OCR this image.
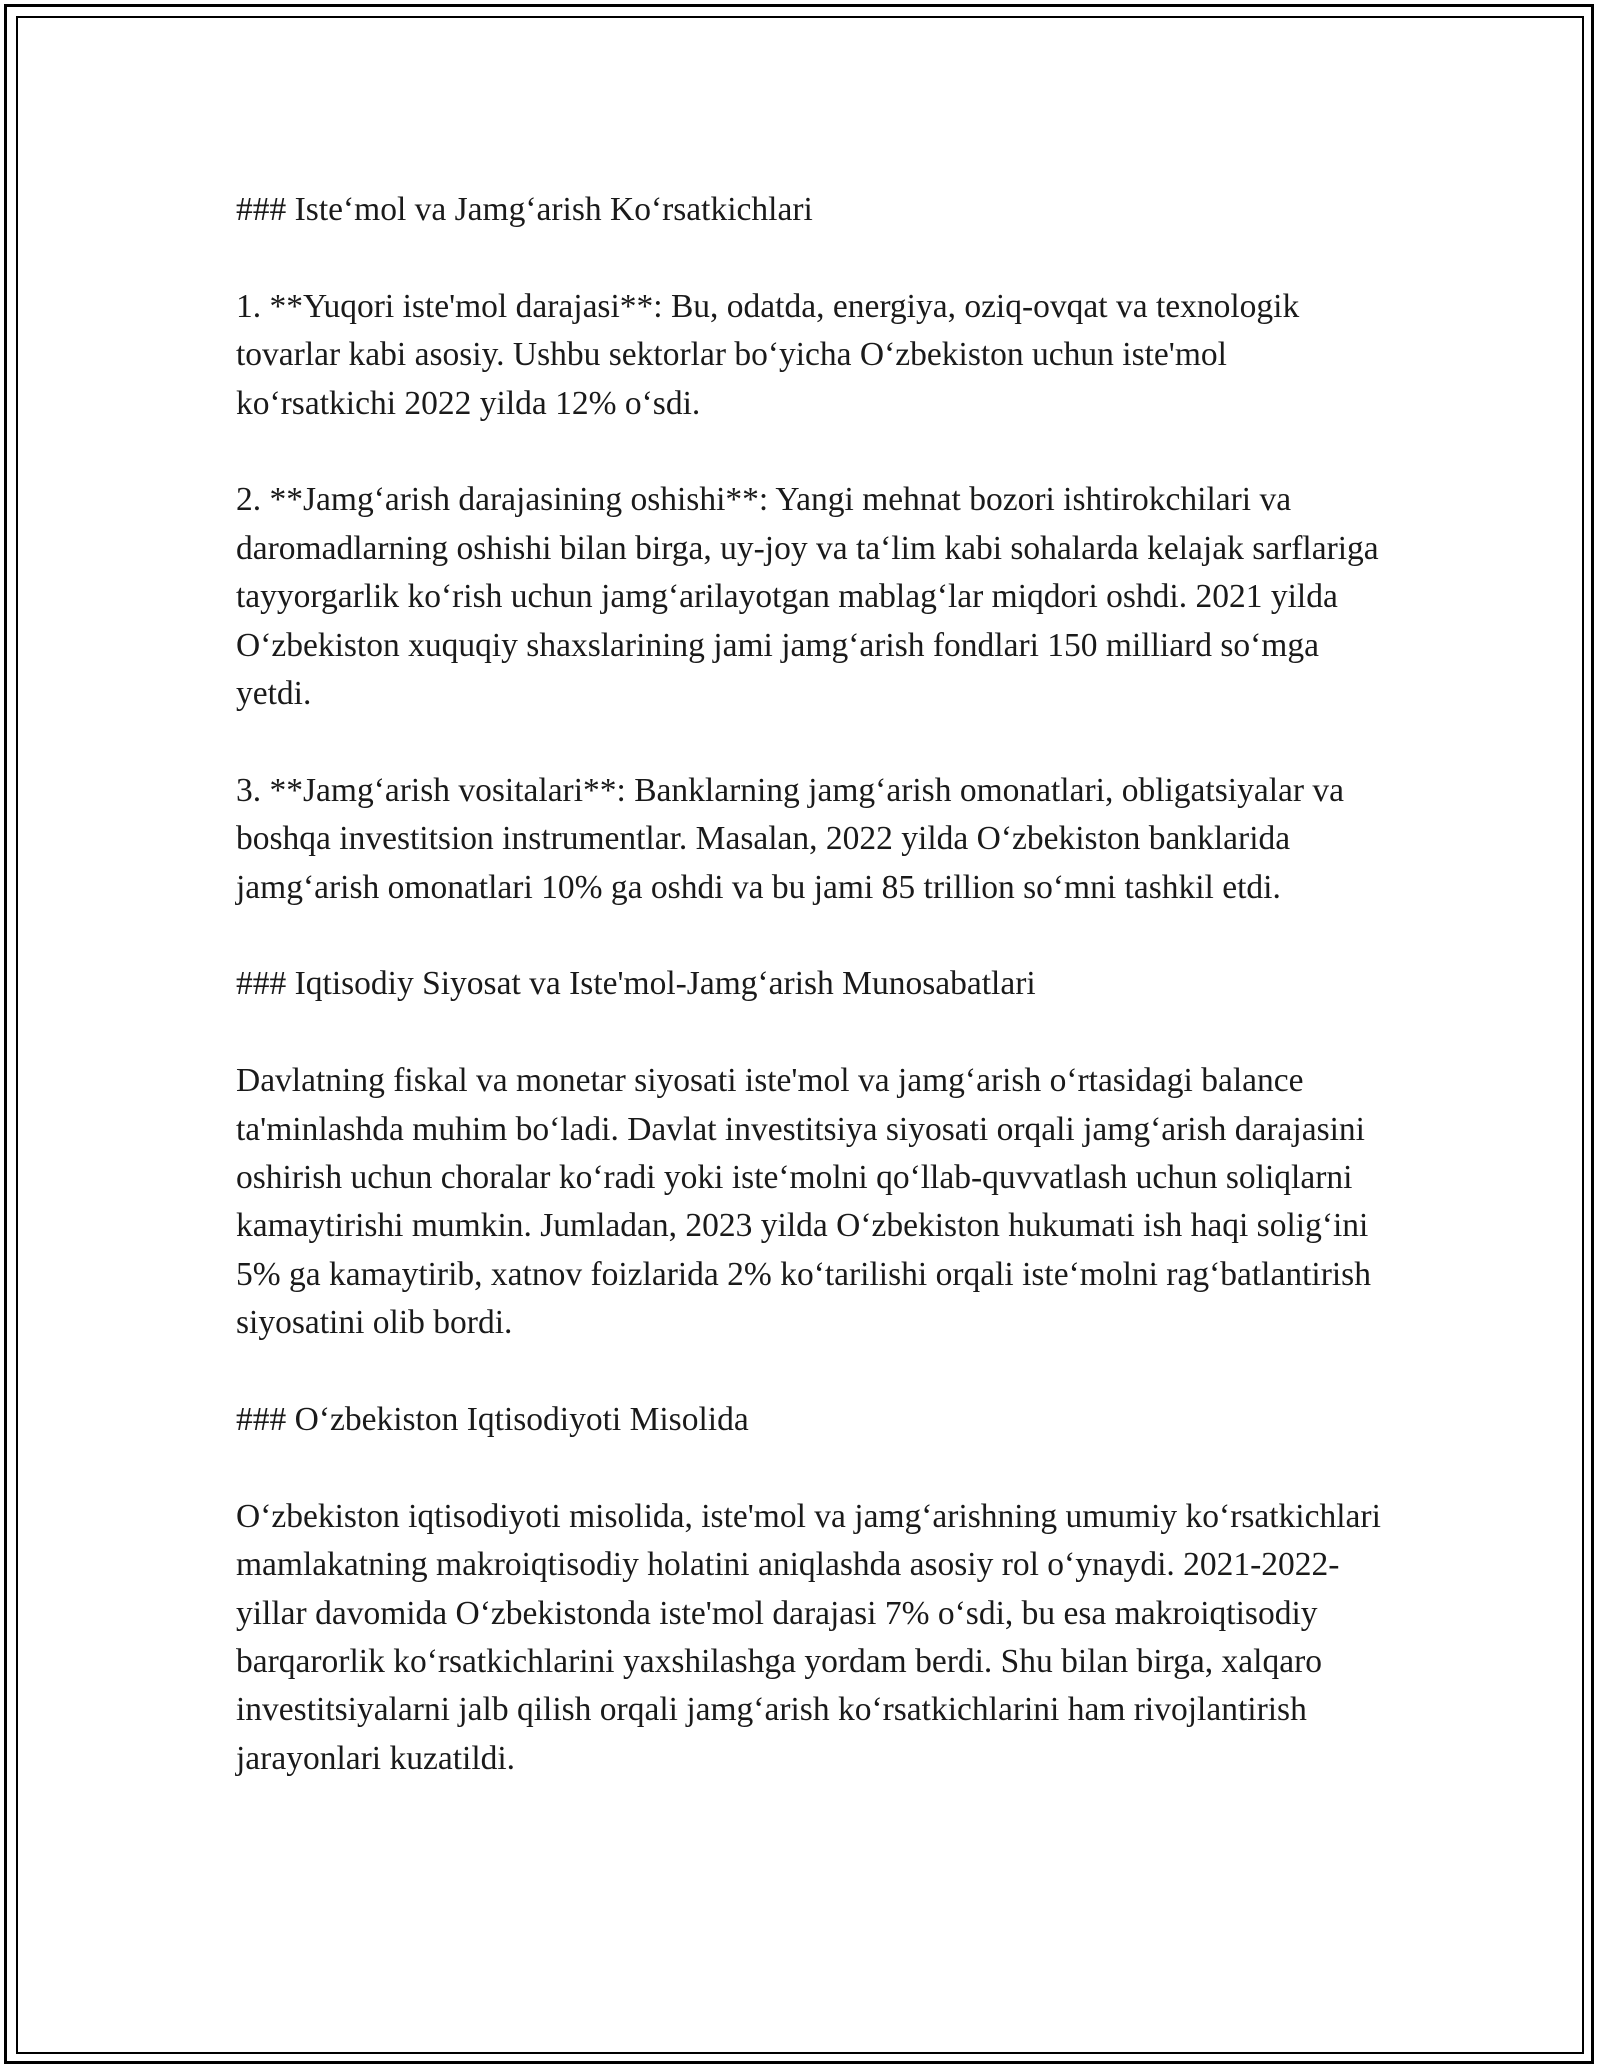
### Iste‘mol va Jamg‘arish Ko‘rsatkichlari
1. **Yuqori iste'mol darajasi**: Bu, odatda, energiya, oziq-ovqat va texnologik tovarlar kabi asosiy. Ushbu sektorlar bo‘yicha O‘zbekiston uchun iste'mol ko‘rsatkichi 2022 yilda 12% o‘sdi.
2. **Jamg‘arish darajasining oshishi**: Yangi mehnat bozori ishtirokchilari va daromadlarning oshishi bilan birga, uy-joy va ta‘lim kabi sohalarda kelajak sarflariga tayyorgarlik ko‘rish uchun jamg‘arilayotgan mablag‘lar miqdori oshdi. 2021 yilda O‘zbekiston xuquqiy shaxslarining jami jamg‘arish fondlari 150 milliard so‘mga yetdi.
3. **Jamg‘arish vositalari**: Banklarning jamg‘arish omonatlari, obligatsiyalar va boshqa investitsion instrumentlar. Masalan, 2022 yilda O‘zbekiston banklarida jamg‘arish omonatlari 10% ga oshdi va bu jami 85 trillion so‘mni tashkil etdi.
### Iqtisodiy Siyosat va Iste'mol-Jamg‘arish Munosabatlari
Davlatning fiskal va monetar siyosati iste'mol va jamg‘arish o‘rtasidagi balance ta'minlashda muhim bo‘ladi. Davlat investitsiya siyosati orqali jamg‘arish darajasini oshirish uchun choralar ko‘radi yoki iste‘molni qo‘llab-quvvatlash uchun soliqlarni kamaytirishi mumkin. Jumladan, 2023 yilda O‘zbekiston hukumati ish haqi solig‘ini 5% ga kamaytirib, xatnov foizlarida 2% ko‘tarilishi orqali iste‘molni rag‘batlantirish siyosatini olib bordi.
### O‘zbekiston Iqtisodiyoti Misolida
O‘zbekiston iqtisodiyoti misolida, iste'mol va jamg‘arishning umumiy ko‘rsatkichlari mamlakatning makroiqtisodiy holatini aniqlashda asosiy rol o‘ynaydi. 2021-2022-yillar davomida O‘zbekistonda iste'mol darajasi 7% o‘sdi, bu esa makroiqtisodiy barqarorlik ko‘rsatkichlarini yaxshilashga yordam berdi. Shu bilan birga, xalqaro investitsiyalarni jalb qilish orqali jamg‘arish ko‘rsatkichlarini ham rivojlantirish jarayonlari kuzatildi.
